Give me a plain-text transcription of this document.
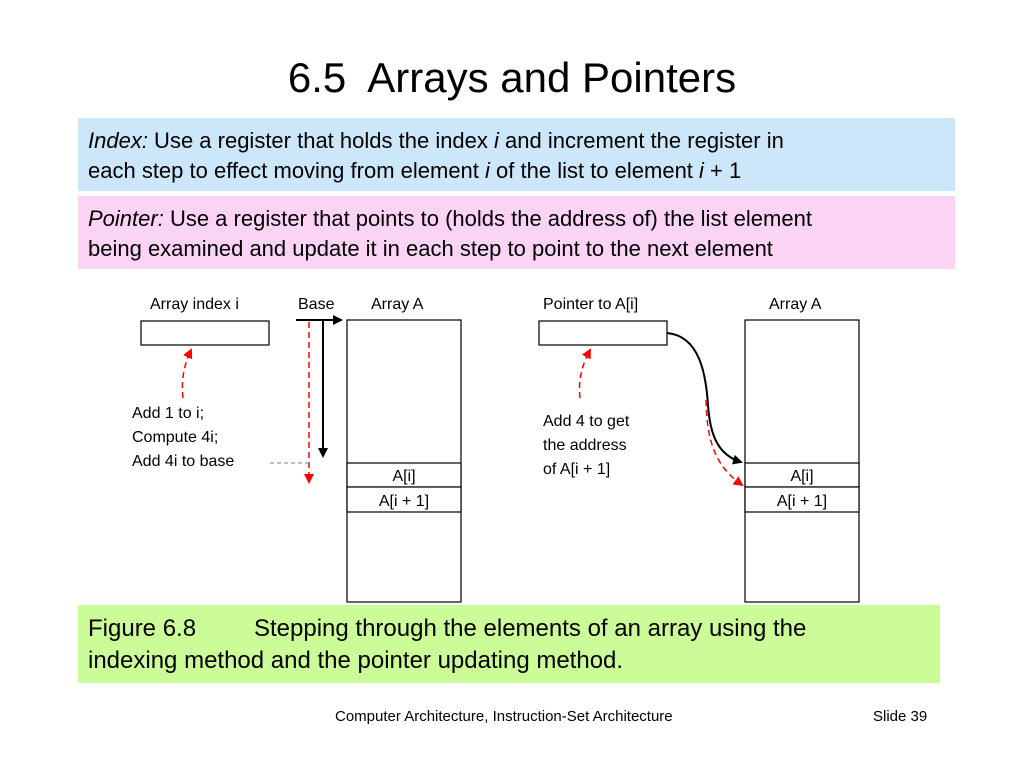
6.5  Arrays and Pointers
Index: Use a register that holds the index i and increment the register in
each step to effect moving from element i of the list to element i + 1
Pointer: Use a register that points to (holds the address of) the list element
being examined and update it in each step to point to the next element
Array index i	Base Array A
Add 1 to i;
Compute 4i;
Add 4i to base
A[i]
A[i + 1]
Pointer to A[i]	Array A
Add 4 to get
the address
of A[i + 1]	A[i]
A[i + 1]
Figure 6.8 Stepping through the elements of an array using the
indexing method and the pointer updating method.
Computer Architecture, Instruction-Set Architecture	Slide 39
